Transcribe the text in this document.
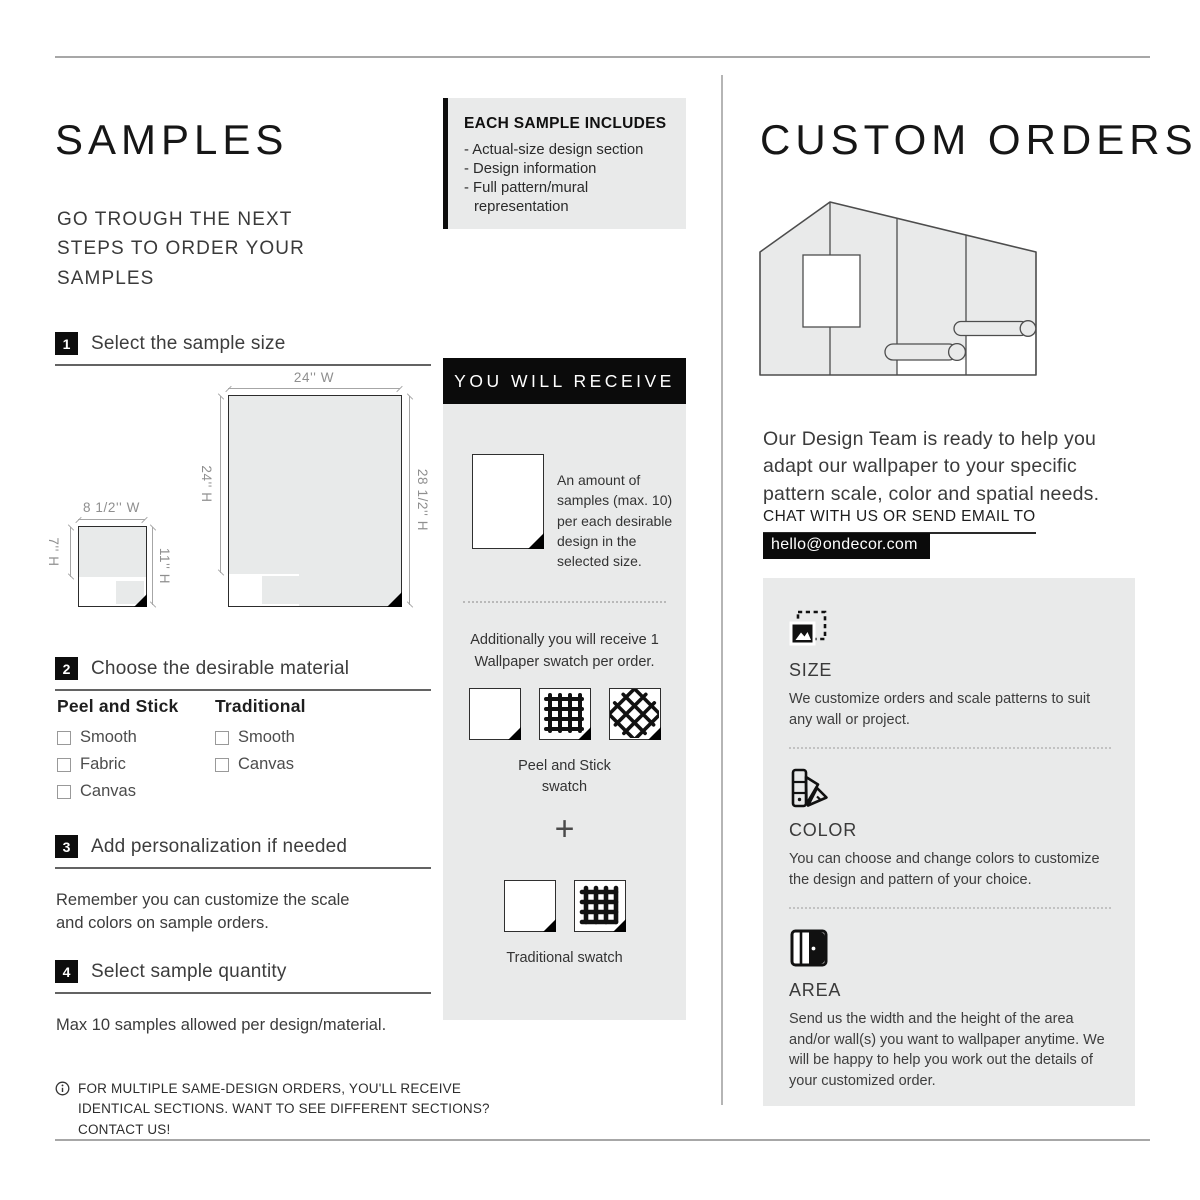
SAMPLES

GO TROUGH THE NEXT STEPS TO ORDER YOUR SAMPLES

1	Select the sample size
8 1/2'' W
7'' H	11'' H
24'' W
24'' H	28 1/2'' H
2	Choose the desirable material
Peel and Stick
Smooth
Fabric
Canvas
Traditional
Smooth
Canvas
3	Add personalization if needed

Remember you can customize the scale and colors on sample orders.

4	Select sample quantity

Max 10 samples allowed per design/material.

FOR MULTIPLE SAME-DESIGN ORDERS, YOU'LL RECEIVE IDENTICAL SECTIONS. WANT TO SEE DIFFERENT SECTIONS? CONTACT US!
EACH SAMPLE INCLUDES
- Actual-size design section
- Design information
- Full pattern/mural representation
YOU WILL RECEIVE
An amount of samples (max. 10) per each desirable design in the selected size.
Additionally you will receive 1 Wallpaper swatch per order.
Peel and Stick swatch
+
Traditional swatch
CUSTOM ORDERS

Our Design Team is ready to help you adapt our wallpaper to your specific pattern scale, color and spatial needs.

CHAT WITH US OR SEND EMAIL TO
hello@ondecor.com
SIZE
We customize orders and scale patterns to suit any wall or project.
COLOR
You can choose and change colors to customize the design and pattern of your choice.
AREA
Send us the width and the height of the area and/or wall(s) you want to wallpaper anytime. We will be happy to help you work out the details of your customized order.
